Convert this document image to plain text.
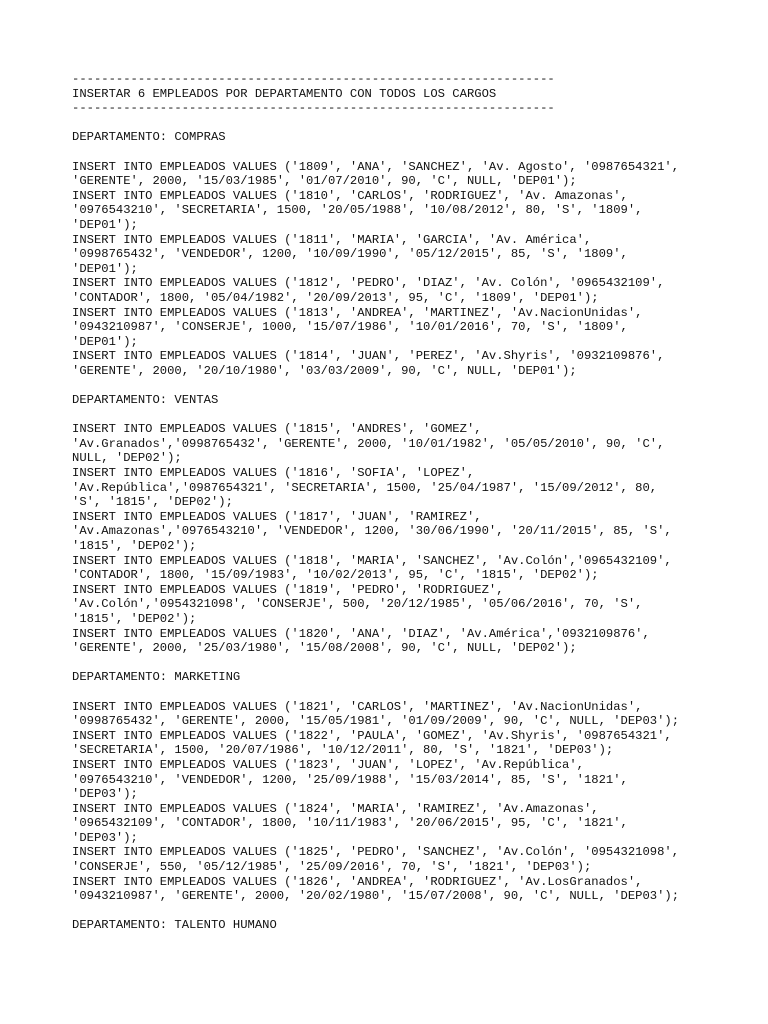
------------------------------------------------------------------
INSERTAR 6 EMPLEADOS POR DEPARTAMENTO CON TODOS LOS CARGOS
------------------------------------------------------------------
DEPARTAMENTO: COMPRAS
INSERT INTO EMPLEADOS VALUES ('1809', 'ANA', 'SANCHEZ', 'Av. Agosto', '0987654321',
'GERENTE', 2000, '15/03/1985', '01/07/2010', 90, 'C', NULL, 'DEP01');
INSERT INTO EMPLEADOS VALUES ('1810', 'CARLOS', 'RODRIGUEZ', 'Av. Amazonas',
'0976543210', 'SECRETARIA', 1500, '20/05/1988', '10/08/2012', 80, 'S', '1809',
'DEP01');
INSERT INTO EMPLEADOS VALUES ('1811', 'MARIA', 'GARCIA', 'Av. América',
'0998765432', 'VENDEDOR', 1200, '10/09/1990', '05/12/2015', 85, 'S', '1809',
'DEP01');
INSERT INTO EMPLEADOS VALUES ('1812', 'PEDRO', 'DIAZ', 'Av. Colón', '0965432109',
'CONTADOR', 1800, '05/04/1982', '20/09/2013', 95, 'C', '1809', 'DEP01');
INSERT INTO EMPLEADOS VALUES ('1813', 'ANDREA', 'MARTINEZ', 'Av.NacionUnidas',
'0943210987', 'CONSERJE', 1000, '15/07/1986', '10/01/2016', 70, 'S', '1809',
'DEP01');
INSERT INTO EMPLEADOS VALUES ('1814', 'JUAN', 'PEREZ', 'Av.Shyris', '0932109876',
'GERENTE', 2000, '20/10/1980', '03/03/2009', 90, 'C', NULL, 'DEP01');
DEPARTAMENTO: VENTAS
INSERT INTO EMPLEADOS VALUES ('1815', 'ANDRES', 'GOMEZ',
'Av.Granados','0998765432', 'GERENTE', 2000, '10/01/1982', '05/05/2010', 90, 'C',
NULL, 'DEP02');
INSERT INTO EMPLEADOS VALUES ('1816', 'SOFIA', 'LOPEZ',
'Av.República','0987654321', 'SECRETARIA', 1500, '25/04/1987', '15/09/2012', 80,
'S', '1815', 'DEP02');
INSERT INTO EMPLEADOS VALUES ('1817', 'JUAN', 'RAMIREZ',
'Av.Amazonas','0976543210', 'VENDEDOR', 1200, '30/06/1990', '20/11/2015', 85, 'S',
'1815', 'DEP02');
INSERT INTO EMPLEADOS VALUES ('1818', 'MARIA', 'SANCHEZ', 'Av.Colón','0965432109',
'CONTADOR', 1800, '15/09/1983', '10/02/2013', 95, 'C', '1815', 'DEP02');
INSERT INTO EMPLEADOS VALUES ('1819', 'PEDRO', 'RODRIGUEZ',
'Av.Colón','0954321098', 'CONSERJE', 500, '20/12/1985', '05/06/2016', 70, 'S',
'1815', 'DEP02');
INSERT INTO EMPLEADOS VALUES ('1820', 'ANA', 'DIAZ', 'Av.América','0932109876',
'GERENTE', 2000, '25/03/1980', '15/08/2008', 90, 'C', NULL, 'DEP02');
DEPARTAMENTO: MARKETING
INSERT INTO EMPLEADOS VALUES ('1821', 'CARLOS', 'MARTINEZ', 'Av.NacionUnidas',
'0998765432', 'GERENTE', 2000, '15/05/1981', '01/09/2009', 90, 'C', NULL, 'DEP03');
INSERT INTO EMPLEADOS VALUES ('1822', 'PAULA', 'GOMEZ', 'Av.Shyris', '0987654321',
'SECRETARIA', 1500, '20/07/1986', '10/12/2011', 80, 'S', '1821', 'DEP03');
INSERT INTO EMPLEADOS VALUES ('1823', 'JUAN', 'LOPEZ', 'Av.República',
'0976543210', 'VENDEDOR', 1200, '25/09/1988', '15/03/2014', 85, 'S', '1821',
'DEP03');
INSERT INTO EMPLEADOS VALUES ('1824', 'MARIA', 'RAMIREZ', 'Av.Amazonas',
'0965432109', 'CONTADOR', 1800, '10/11/1983', '20/06/2015', 95, 'C', '1821',
'DEP03');
INSERT INTO EMPLEADOS VALUES ('1825', 'PEDRO', 'SANCHEZ', 'Av.Colón', '0954321098',
'CONSERJE', 550, '05/12/1985', '25/09/2016', 70, 'S', '1821', 'DEP03');
INSERT INTO EMPLEADOS VALUES ('1826', 'ANDREA', 'RODRIGUEZ', 'Av.LosGranados',
'0943210987', 'GERENTE', 2000, '20/02/1980', '15/07/2008', 90, 'C', NULL, 'DEP03');
DEPARTAMENTO: TALENTO HUMANO
